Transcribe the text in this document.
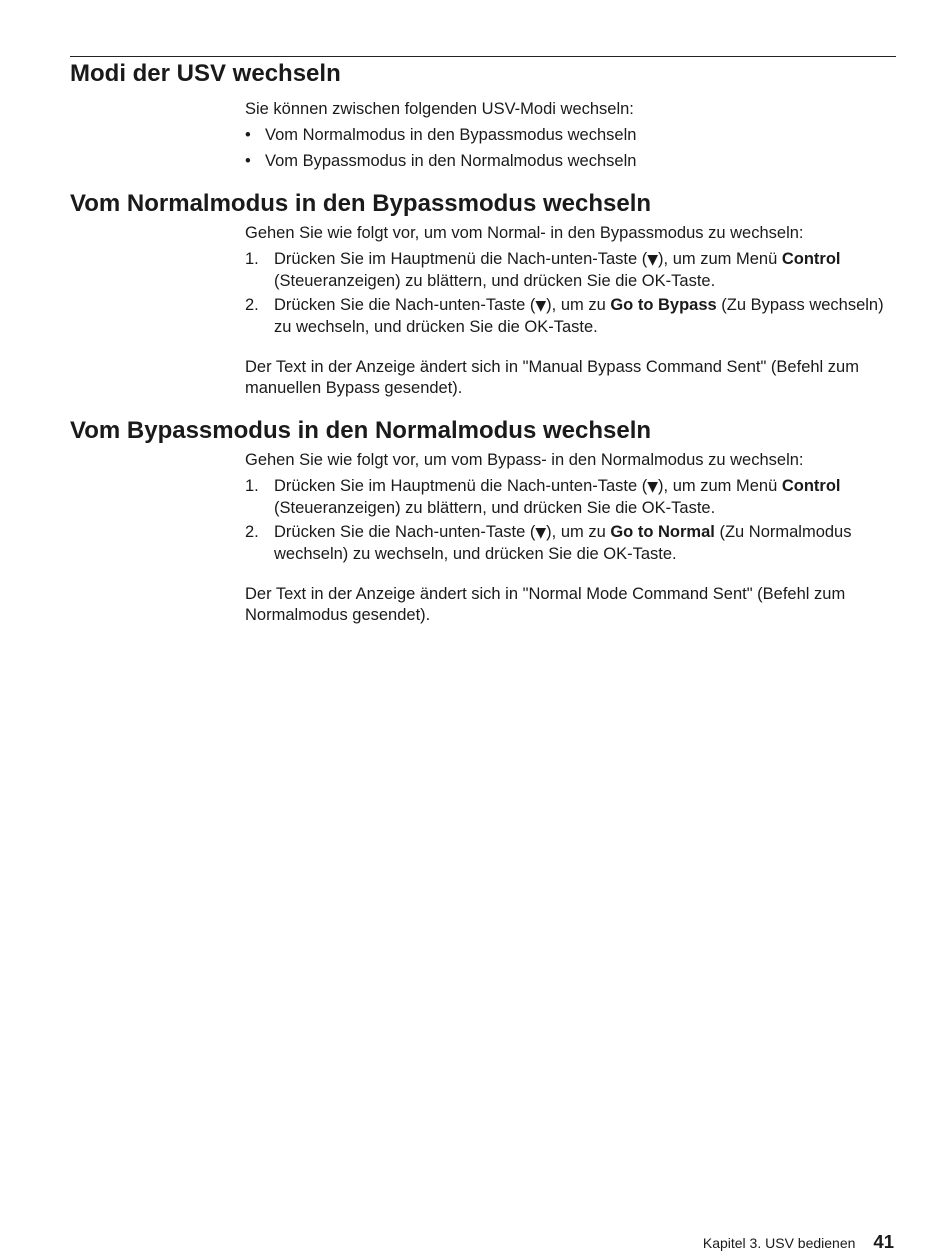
Modi der USV wechseln

Sie können zwischen folgenden USV-Modi wechseln:

• Vom Normalmodus in den Bypassmodus wechseln
• Vom Bypassmodus in den Normalmodus wechseln
Vom Normalmodus in den Bypassmodus wechseln

Gehen Sie wie folgt vor, um vom Normal- in den Bypassmodus zu wechseln:

1. Drücken Sie im Hauptmenü die Nach-unten-Taste (▼), um zum Menü Control (Steueranzeigen) zu blättern, und drücken Sie die OK-Taste.
2. Drücken Sie die Nach-unten-Taste (▼), um zu Go to Bypass (Zu Bypass wechseln) zu wechseln, und drücken Sie die OK-Taste.

Der Text in der Anzeige ändert sich in "Manual Bypass Command Sent" (Befehl zum manuellen Bypass gesendet).

Vom Bypassmodus in den Normalmodus wechseln

Gehen Sie wie folgt vor, um vom Bypass- in den Normalmodus zu wechseln:

1. Drücken Sie im Hauptmenü die Nach-unten-Taste (▼), um zum Menü Control (Steueranzeigen) zu blättern, und drücken Sie die OK-Taste.
2. Drücken Sie die Nach-unten-Taste (▼), um zu Go to Normal (Zu Normalmodus wechseln) zu wechseln, und drücken Sie die OK-Taste.

Der Text in der Anzeige ändert sich in "Normal Mode Command Sent" (Befehl zum Normalmodus gesendet).

Kapitel 3. USV bedienen 41
